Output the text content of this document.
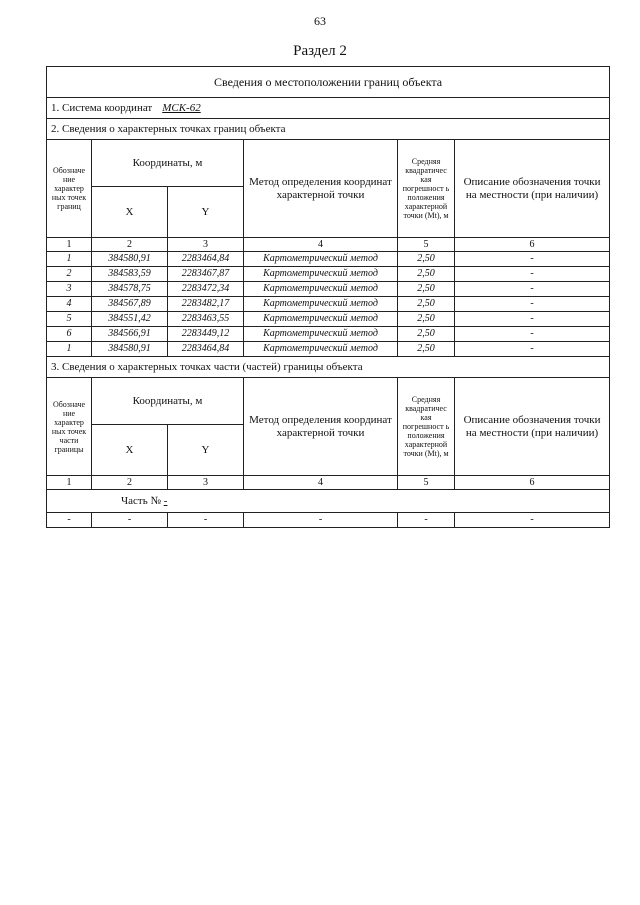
63
Раздел 2
Сведения о местоположении границ объекта					
1. Система координат МСК-62					
2. Сведения о характерных точках границ объекта					
Обозначе ние характер ных точек границ	Координаты, м		Метод определения координат характерной точки	Средняя квадратичес кая погрешност ь положения характерной точки (Mt), м	Описание обозначения точки на местности (при наличии)
	X	Y			
1	2	3	4	5	6
1	384580,91	2283464,84	Картометрический метод	2,50	-
2	384583,59	2283467,87	Картометрический метод	2,50	-
3	384578,75	2283472,34	Картометрический метод	2,50	-
4	384567,89	2283482,17	Картометрический метод	2,50	-
5	384551,42	2283463,55	Картометрический метод	2,50	-
6	384566,91	2283449,12	Картометрический метод	2,50	-
1	384580,91	2283464,84	Картометрический метод	2,50	-
3. Сведения о характерных точках части (частей) границы объекта					
Обозначе ние характер ных точек части границы	Координаты, м		Метод определения координат характерной точки	Средняя квадратичес кая погрешност ь положения характерной точки (Mt), м	Описание обозначения точки на местности (при наличии)
	X	Y			
1	2	3	4	5	6
Часть № -					
-	-	-	-	-	-
